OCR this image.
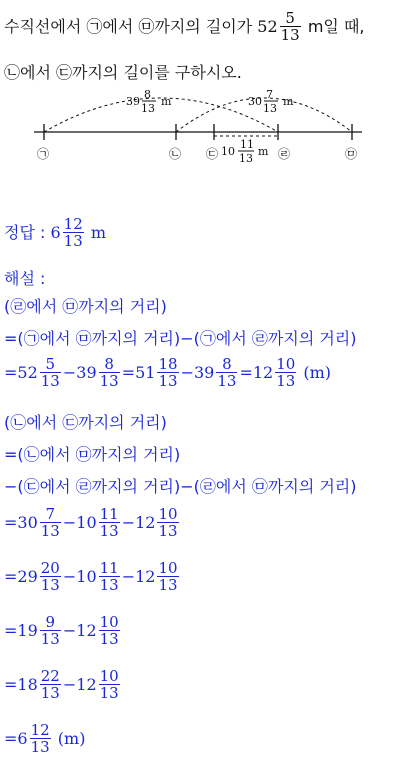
수직선에서 ㉠에서 ㉤까지의 길이가 $52 \frac{5}{13}$ m일 때,
㉡에서 ㉢까지의 길이를 구하시오.
㉠	㉡ ㉢	㉣	㉤
39
8
13
m	30
7
13
m
10
11
13
m
정답 : $6 \frac{12}{13}$ m
해설 :
(㉣에서 ㉤까지의 거리)
=(㉠에서 ㉤까지의 거리)−(㉠에서 ㉣까지의 거리)
= $52 \frac{5}{13} - 39 \frac{8}{13} = 51 \frac{18}{13} - 39 \frac{8}{13} = 12 \frac{10}{13} (m)$
(㉡에서 ㉢까지의 거리)
=(㉡에서 ㉤까지의 거리)
−(㉢에서 ㉣까지의 거리)−(㉣에서 ㉤까지의 거리)
= $30 \frac{7}{13} - 10 \frac{11}{13} - 12 \frac{10}{13}$
= $29 \frac{20}{13} - 10 \frac{11}{13} - 12 \frac{10}{13}$
= $19 \frac{9}{13} - 12 \frac{10}{13}$
= $18 \frac{22}{13} - 12 \frac{10}{13}$
= $6 \frac{12}{13} (m)$
